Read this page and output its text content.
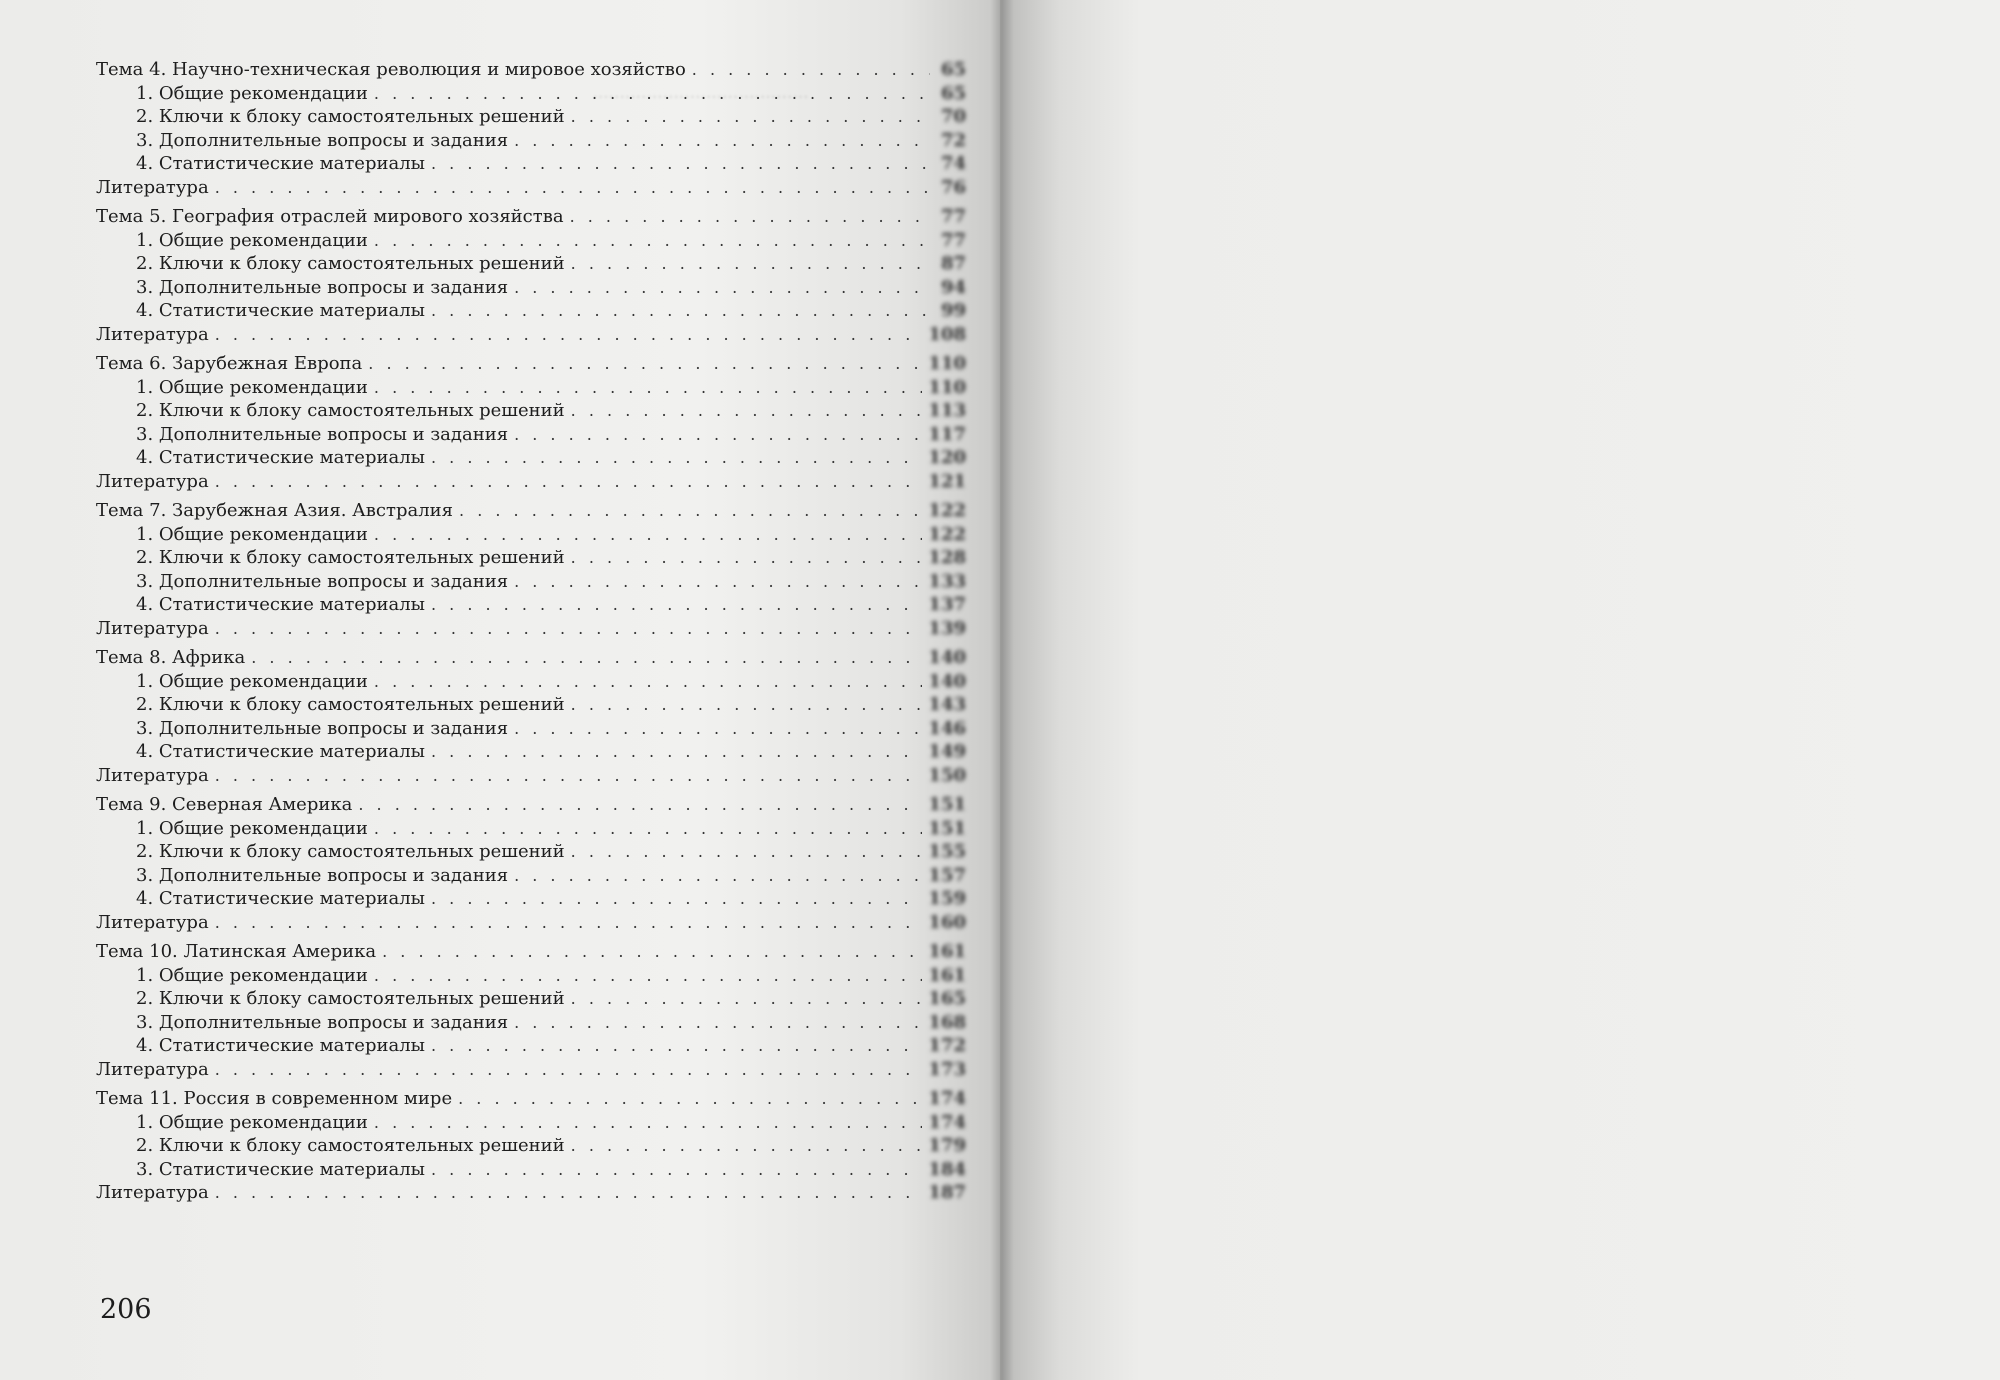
........................................

Тема 4. Научно-техническая революция и мировое хозяйство . . .	65
1. Общие рекомендации . . .	65
2. Ключи к блоку самостоятельных решений . . .	70
3. Дополнительные вопросы и задания . . .	72
4. Статистические материалы . . .	74
Литература . . .	76
Тема 5. География отраслей мирового хозяйства . . .	77
1. Общие рекомендации . . .	77
2. Ключи к блоку самостоятельных решений . . .	87
3. Дополнительные вопросы и задания . . .	94
4. Статистические материалы . . .	99
Литература . . .	108
Тема 6. Зарубежная Европа . . .	110
1. Общие рекомендации . . .	110
2. Ключи к блоку самостоятельных решений . . .	113
3. Дополнительные вопросы и задания . . .	117
4. Статистические материалы . . .	120
Литература . . .	121
Тема 7. Зарубежная Азия. Австралия . . .	122
1. Общие рекомендации . . .	122
2. Ключи к блоку самостоятельных решений . . .	128
3. Дополнительные вопросы и задания . . .	133
4. Статистические материалы . . .	137
Литература . . .	139
Тема 8. Африка . . .	140
1. Общие рекомендации . . .	140
2. Ключи к блоку самостоятельных решений . . .	143
3. Дополнительные вопросы и задания . . .	146
4. Статистические материалы . . .	149
Литература . . .	150
Тема 9. Северная Америка . . .	151
1. Общие рекомендации . . .	151
2. Ключи к блоку самостоятельных решений . . .	155
3. Дополнительные вопросы и задания . . .	157
4. Статистические материалы . . .	159
Литература . . .	160
Тема 10. Латинская Америка . . .	161
1. Общие рекомендации . . .	161
2. Ключи к блоку самостоятельных решений . . .	165
3. Дополнительные вопросы и задания . . .	168
4. Статистические материалы . . .	172
Литература . . .	173
Тема 11. Россия в современном мире . . .	174
1. Общие рекомендации . . .	174
2. Ключи к блоку самостоятельных решений . . .	179
3. Статистические материалы . . .	184
Литература . . .	187
206
